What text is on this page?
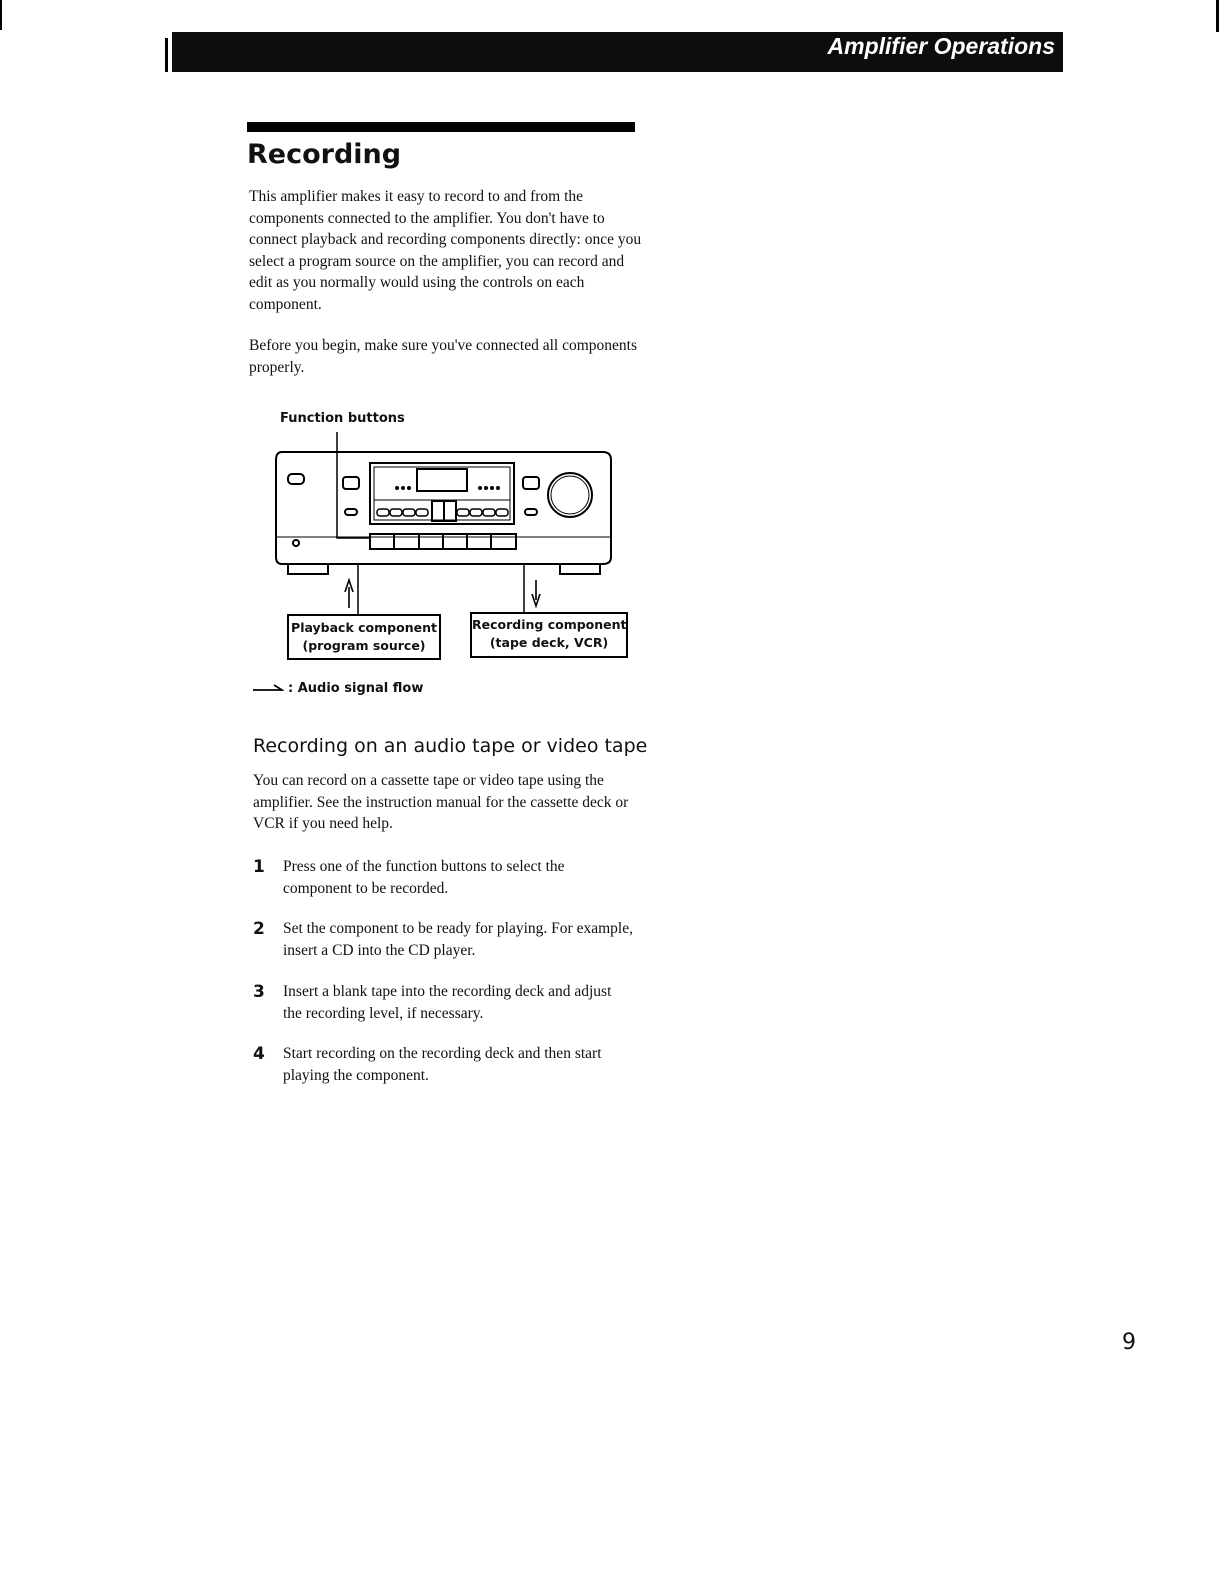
Amplifier Operations
Recording
This amplifier makes it easy to record to and from the components connected to the amplifier. You don't have to connect playback and recording components directly: once you select a program source on the amplifier, you can record and edit as you normally would using the controls on each component.
Before you begin, make sure you've connected all components properly.
Function buttons
Playback component
(program source)
Recording component
(tape deck, VCR)
: Audio signal flow
Recording on an audio tape or video tape
You can record on a cassette tape or video tape using the amplifier. See the instruction manual for the cassette deck or VCR if you need help.
1 Press one of the function buttons to select the component to be recorded.
2 Set the component to be ready for playing. For example, insert a CD into the CD player.
3 Insert a blank tape into the recording deck and adjust the recording level, if necessary.
4 Start recording on the recording deck and then start playing the component.
9
